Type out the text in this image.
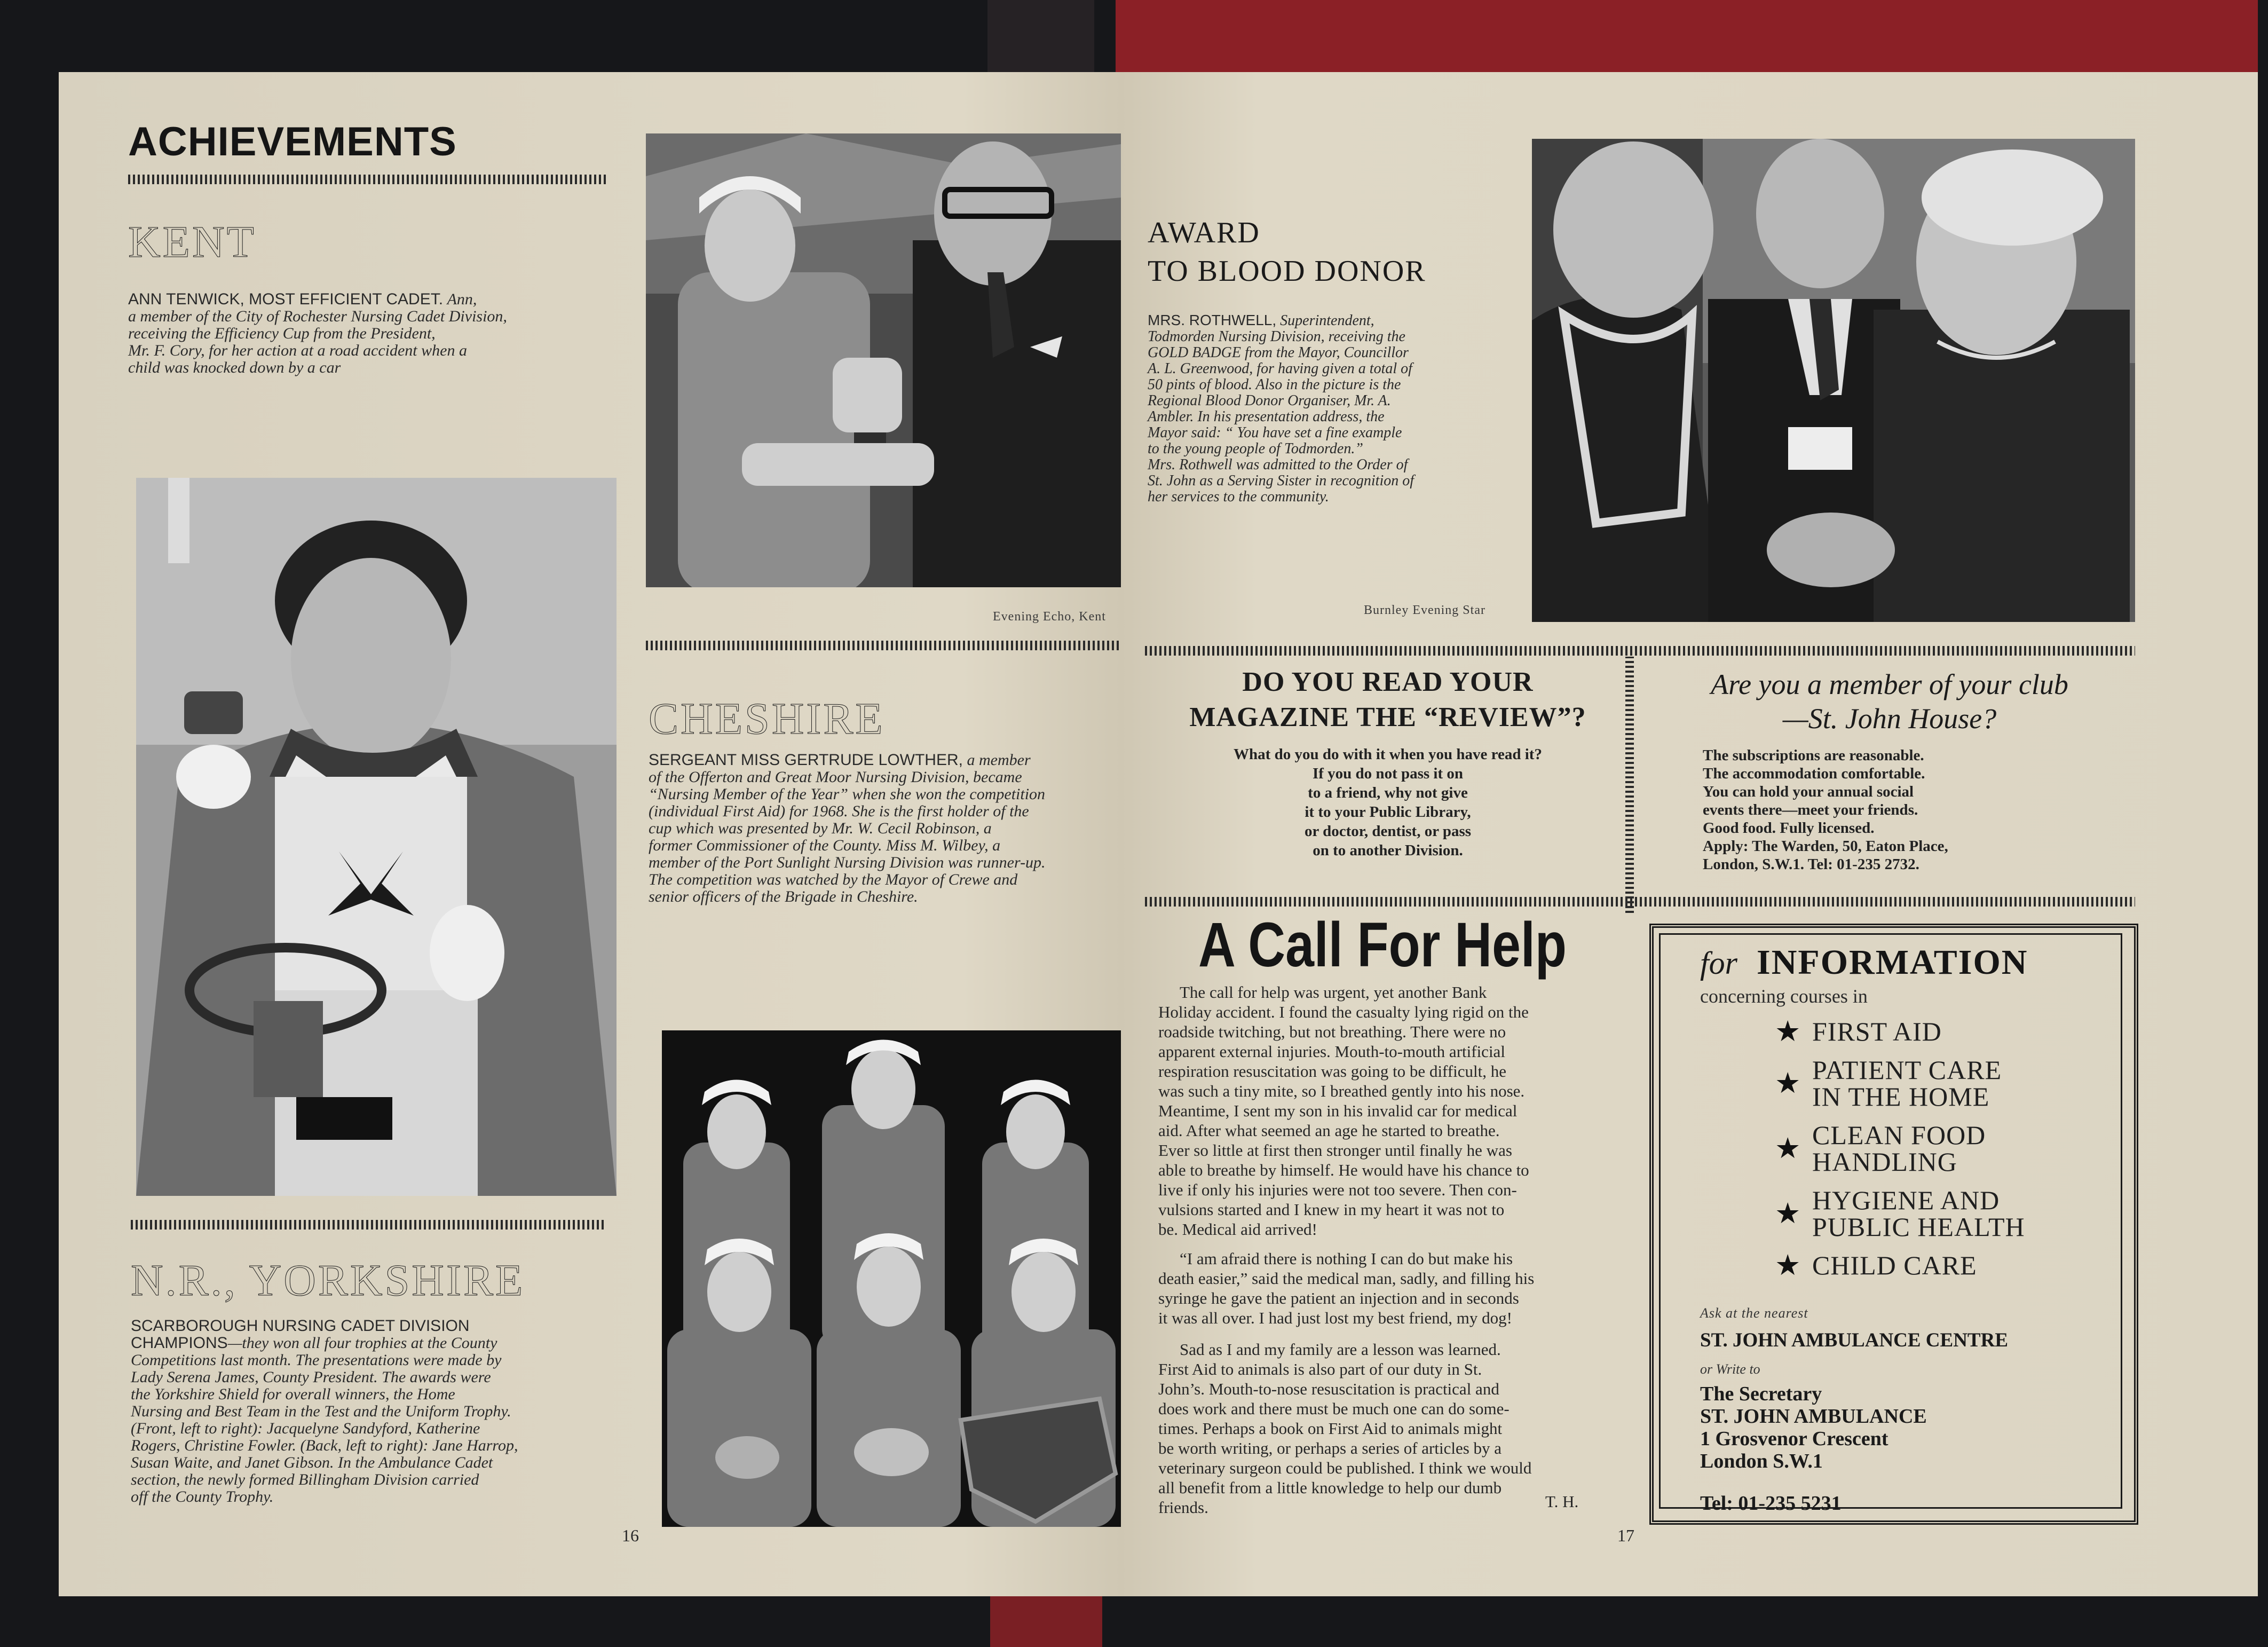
ACHIEVEMENTS
KENT
ANN TENWICK, MOST EFFICIENT CADET. Ann,
a member of the City of Rochester Nursing Cadet Division,
receiving the Efficiency Cup from the President,
Mr. F. Cory, for her action at a road accident when a
child was knocked down by a car
Evening Echo, Kent
CHESHIRE
SERGEANT MISS GERTRUDE LOWTHER, a member
of the Offerton and Great Moor Nursing Division, became
“Nursing Member of the Year” when she won the competition
(individual First Aid) for 1968. She is the first holder of the
cup which was presented by Mr. W. Cecil Robinson, a
former Commissioner of the County. Miss M. Wilbey, a
member of the Port Sunlight Nursing Division was runner-up.
The competition was watched by the Mayor of Crewe and
senior officers of the Brigade in Cheshire.
N.R., YORKSHIRE
SCARBOROUGH NURSING CADET DIVISION
CHAMPIONS—they won all four trophies at the County
Competitions last month. The presentations were made by
Lady Serena James, County President. The awards were
the Yorkshire Shield for overall winners, the Home
Nursing and Best Team in the Test and the Uniform Trophy.
(Front, left to right): Jacquelyne Sandyford, Katherine
Rogers, Christine Fowler. (Back, left to right): Jane Harrop,
Susan Waite, and Janet Gibson. In the Ambulance Cadet
section, the newly formed Billingham Division carried
off the County Trophy.
16
AWARD
TO BLOOD DONOR
MRS. ROTHWELL, Superintendent,
Todmorden Nursing Division, receiving the
GOLD BADGE from the Mayor, Councillor
A. L. Greenwood, for having given a total of
50 pints of blood. Also in the picture is the
Regional Blood Donor Organiser, Mr. A.
Ambler. In his presentation address, the
Mayor said: “ You have set a fine example
to the young people of Todmorden.”
Mrs. Rothwell was admitted to the Order of
St. John as a Serving Sister in recognition of
her services to the community.
Burnley Evening Star
DO YOU READ YOUR
MAGAZINE THE “REVIEW”?
What do you do with it when you have read it?
If you do not pass it on
to a friend, why not give
it to your Public Library,
or doctor, dentist, or pass
on to another Division.
Are you a member of your club
—St. John House?
The subscriptions are reasonable.
The accommodation comfortable.
You can hold your annual social
events there—meet your friends.
Good food. Fully licensed.
Apply: The Warden, 50, Eaton Place,
London, S.W.1. Tel: 01-235 2732.
A Call For Help
The call for help was urgent, yet another Bank
Holiday accident. I found the casualty lying rigid on the
roadside twitching, but not breathing. There were no
apparent external injuries. Mouth-to-mouth artificial
respiration resuscitation was going to be difficult, he
was such a tiny mite, so I breathed gently into his nose.
Meantime, I sent my son in his invalid car for medical
aid. After what seemed an age he started to breathe.
Ever so little at first then stronger until finally he was
able to breathe by himself. He would have his chance to
live if only his injuries were not too severe. Then con-
vulsions started and I knew in my heart it was not to
be. Medical aid arrived!
“I am afraid there is nothing I can do but make his
death easier,” said the medical man, sadly, and filling his
syringe he gave the patient an injection and in seconds
it was all over. I had just lost my best friend, my dog!
Sad as I and my family are a lesson was learned.
First Aid to animals is also part of our duty in St.
John’s. Mouth-to-nose resuscitation is practical and
does work and there must be much one can do some-
times. Perhaps a book on First Aid to animals might
be worth writing, or perhaps a series of articles by a
veterinary surgeon could be published. I think we would
all benefit from a little knowledge to help our dumb
friends.	T. H.
17
for INFORMATION
concerning courses in
★ FIRST AID
★ PATIENT CARE
IN THE HOME
★ CLEAN FOOD
HANDLING
★ HYGIENE AND
PUBLIC HEALTH
★ CHILD CARE
Ask at the nearest
ST. JOHN AMBULANCE CENTRE
or Write to
The Secretary
ST. JOHN AMBULANCE
1 Grosvenor Crescent
London S.W.1
Tel: 01-235 5231
